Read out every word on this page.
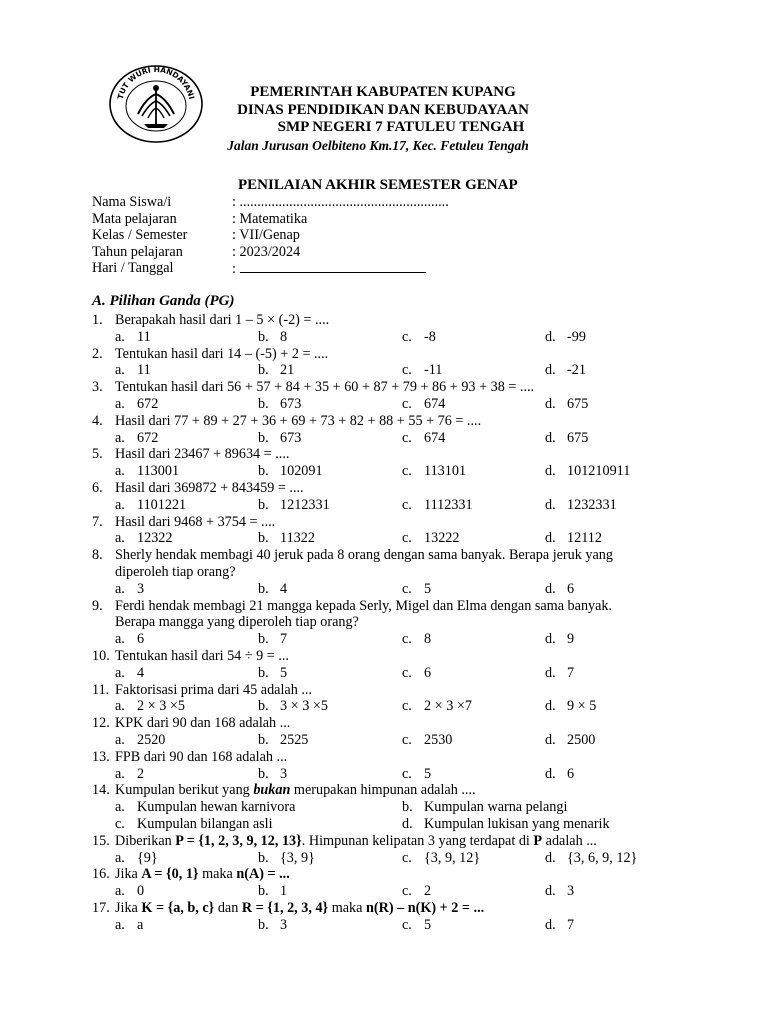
TUT WURI HANDAYANI	PEMERINTAH KABUPATEN KUPANG
DINAS PENDIDIKAN DAN KEBUDAYAAN
SMP NEGERI 7 FATULEU TENGAH
Jalan Jurusan Oelbiteno Km.17, Kec. Fetuleu Tengah
PENILAIAN AKHIR SEMESTER GENAP
Nama Siswa/i	: ...........................................................
Mata pelajaran	: Matematika
Kelas / Semester	: VII/Genap
Tahun pelajaran	: 2023/2024
Hari / Tanggal	:
A. Pilihan Ganda (PG)
1. Berapakah hasil dari 1 – 5 × (-2) = ....
a. 11	b. 8	c. -8	d. -99
2. Tentukan hasil dari 14 – (-5) + 2 = ....
a. 11	b. 21	c. -11	d. -21
3. Tentukan hasil dari 56 + 57 + 84 + 35 + 60 + 87 + 79 + 86 + 93 + 38 = ....
a. 672	b. 673	c. 674	d. 675
4. Hasil dari 77 + 89 + 27 + 36 + 69 + 73 + 82 + 88 + 55 + 76 = ....
a. 672	b. 673	c. 674	d. 675
5. Hasil dari 23467 + 89634 = ....
a. 113001	b. 102091	c. 113101	d. 101210911
6. Hasil dari 369872 + 843459 = ....
a. 1101221	b. 1212331	c. 1112331	d. 1232331
7. Hasil dari 9468 + 3754 = ....
a. 12322	b. 11322	c. 13222	d. 12112
8. Sherly hendak membagi 40 jeruk pada 8 orang dengan sama banyak. Berapa jeruk yang
diperoleh tiap orang?
a. 3	b. 4	c. 5	d. 6
9. Ferdi hendak membagi 21 mangga kepada Serly, Migel dan Elma dengan sama banyak.
Berapa mangga yang diperoleh tiap orang?
a. 6	b. 7	c. 8	d. 9
10. Tentukan hasil dari 54 ÷ 9 = ...
a. 4	b. 5	c. 6	d. 7
11. Faktorisasi prima dari 45 adalah ...
a. 2 × 3 ×5	b. 3 × 3 ×5	c. 2 × 3 ×7	d. 9 × 5
12. KPK dari 90 dan 168 adalah ...
a. 2520	b. 2525	c. 2530	d. 2500
13. FPB dari 90 dan 168 adalah ...
a. 2	b. 3	c. 5	d. 6
14. Kumpulan berikut yang bukan merupakan himpunan adalah ....
a. Kumpulan hewan karnivora	b. Kumpulan warna pelangi
c. Kumpulan bilangan asli	d. Kumpulan lukisan yang menarik
15. Diberikan P = {1, 2, 3, 9, 12, 13}. Himpunan kelipatan 3 yang terdapat di P adalah ...
a. {9}	b. {3, 9}	c. {3, 9, 12}	d. {3, 6, 9, 12}
16. Jika A = {0, 1} maka n(A) = ...
a. 0	b. 1	c. 2	d. 3
17. Jika K = {a, b, c} dan R = {1, 2, 3, 4} maka n(R) – n(K) + 2 = ...
a. a	b. 3	c. 5	d. 7
